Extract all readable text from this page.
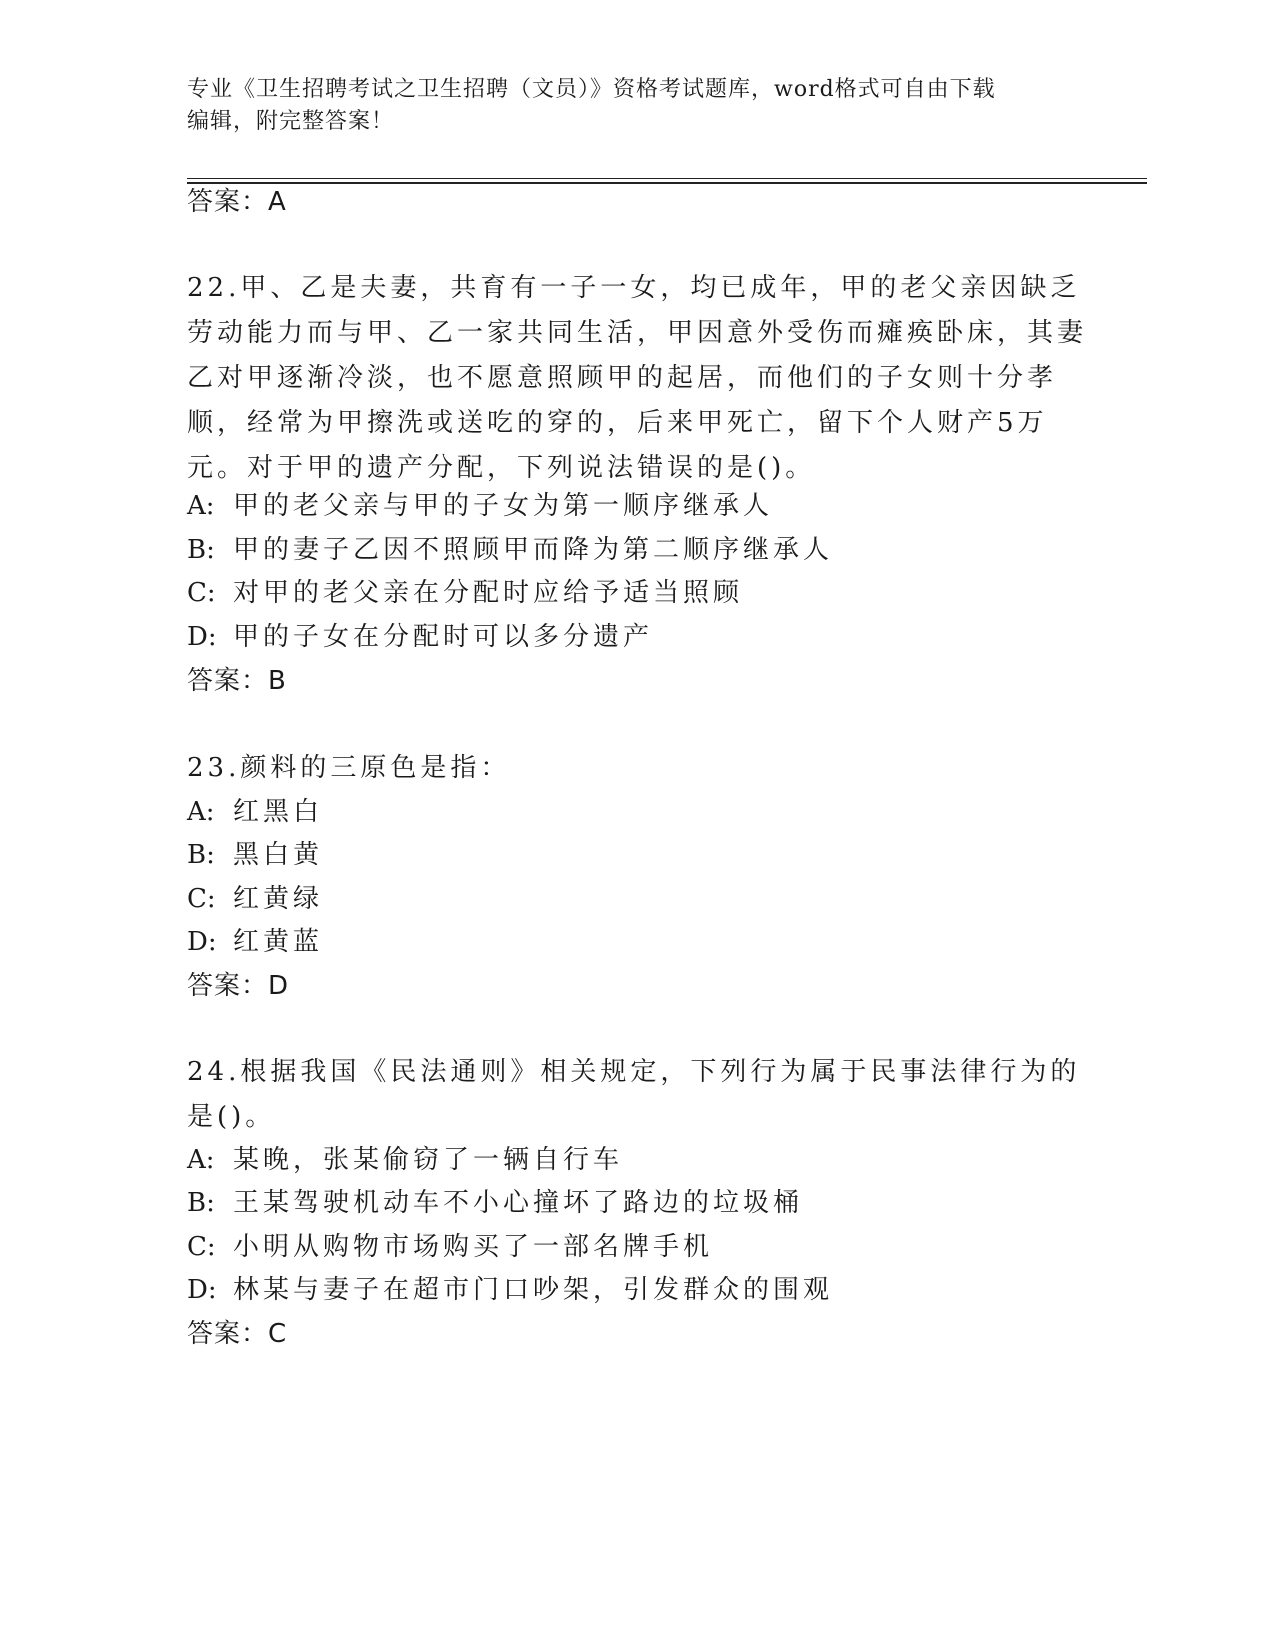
专业《卫生招聘考试之卫生招聘（文员）》资格考试题库，word格式可自由下载
编辑，附完整答案！
答案：A
22.甲、乙是夫妻，共育有一子一女，均已成年，甲的老父亲因缺乏劳动能力而与甲、乙一家共同生活，甲因意外受伤而瘫痪卧床，其妻乙对甲逐渐冷淡，也不愿意照顾甲的起居，而他们的子女则十分孝顺，经常为甲擦洗或送吃的穿的，后来甲死亡，留下个人财产5万元。对于甲的遗产分配，下列说法错误的是()。
A: 甲的老父亲与甲的子女为第一顺序继承人
B: 甲的妻子乙因不照顾甲而降为第二顺序继承人
C: 对甲的老父亲在分配时应给予适当照顾
D: 甲的子女在分配时可以多分遗产
答案：B
23.颜料的三原色是指：
A: 红黑白
B: 黑白黄
C: 红黄绿
D: 红黄蓝
答案：D
24.根据我国《民法通则》相关规定，下列行为属于民事法律行为的是()。
A: 某晚，张某偷窃了一辆自行车
B: 王某驾驶机动车不小心撞坏了路边的垃圾桶
C: 小明从购物市场购买了一部名牌手机
D: 林某与妻子在超市门口吵架，引发群众的围观
答案：C
